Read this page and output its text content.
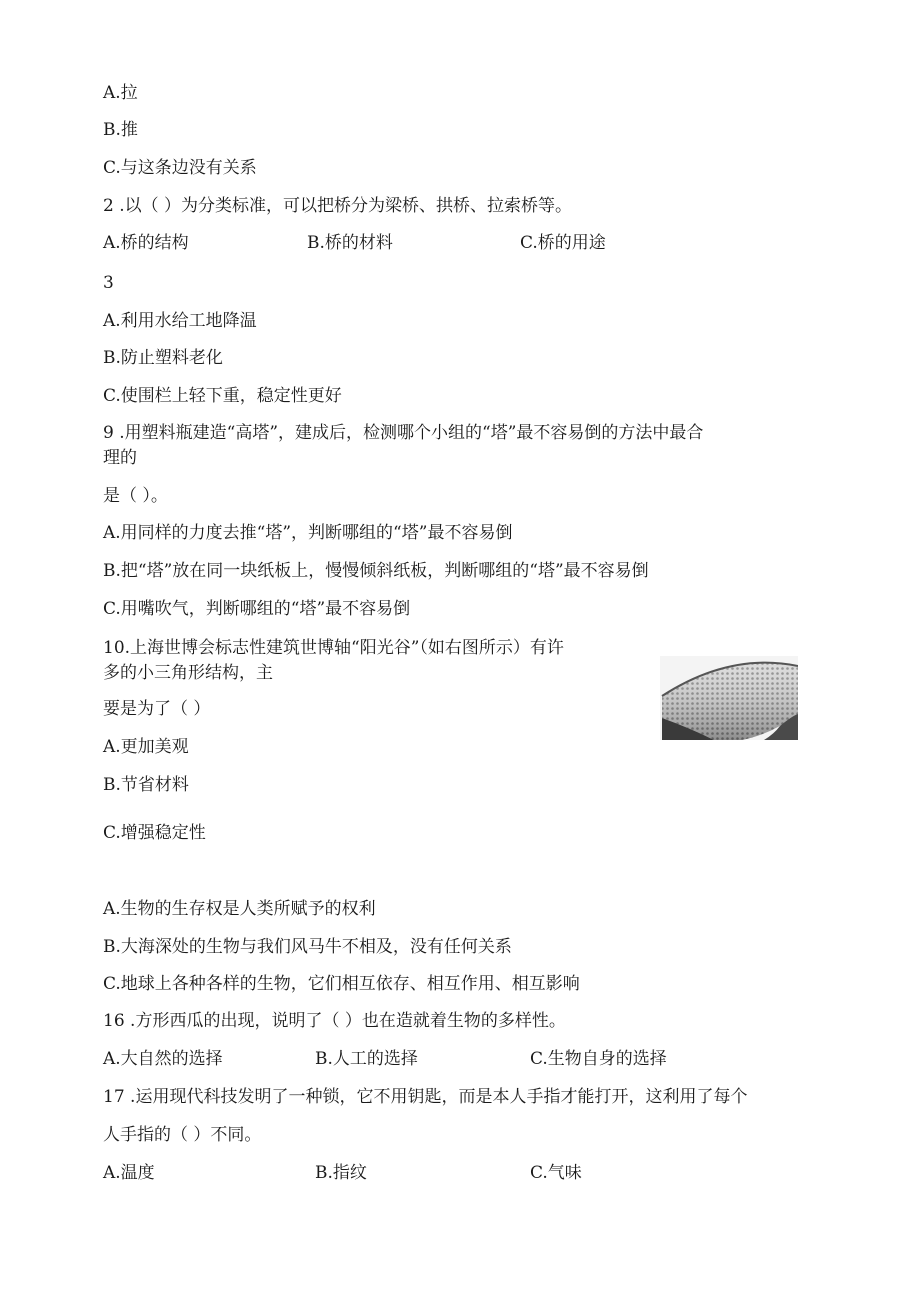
A.拉
B.推
C.与这条边没有关系
2 .以（ ）为分类标准，可以把桥分为梁桥、拱桥、拉索桥等。
A.桥的结构	B.桥的材料	C.桥的用途
3
A.利用水给工地降温
B.防止塑料老化
C.使围栏上轻下重，稳定性更好
9 .用塑料瓶建造“高塔”，建成后，检测哪个小组的“塔”最不容易倒的方法中最合
理的
是（ ）。
A.用同样的力度去推“塔”，判断哪组的“塔”最不容易倒
B.把“塔”放在同一块纸板上，慢慢倾斜纸板，判断哪组的“塔”最不容易倒
C.用嘴吹气，判断哪组的“塔”最不容易倒
10.上海世博会标志性建筑世博轴“阳光谷”（如右图所示）有许
多的小三角形结构，主
要是为了（ ）
A.更加美观
B.节省材料
C.增强稳定性
A.生物的生存权是人类所赋予的权利
B.大海深处的生物与我们风马牛不相及，没有任何关系
C.地球上各种各样的生物，它们相互依存、相互作用、相互影响
16 .方形西瓜的出现，说明了（ ）也在造就着生物的多样性。
A.大自然的选择	B.人工的选择	C.生物自身的选择
17 .运用现代科技发明了一种锁，它不用钥匙，而是本人手指才能打开，这利用了每个
人手指的（ ）不同。
A.温度	B.指纹	C.气味
